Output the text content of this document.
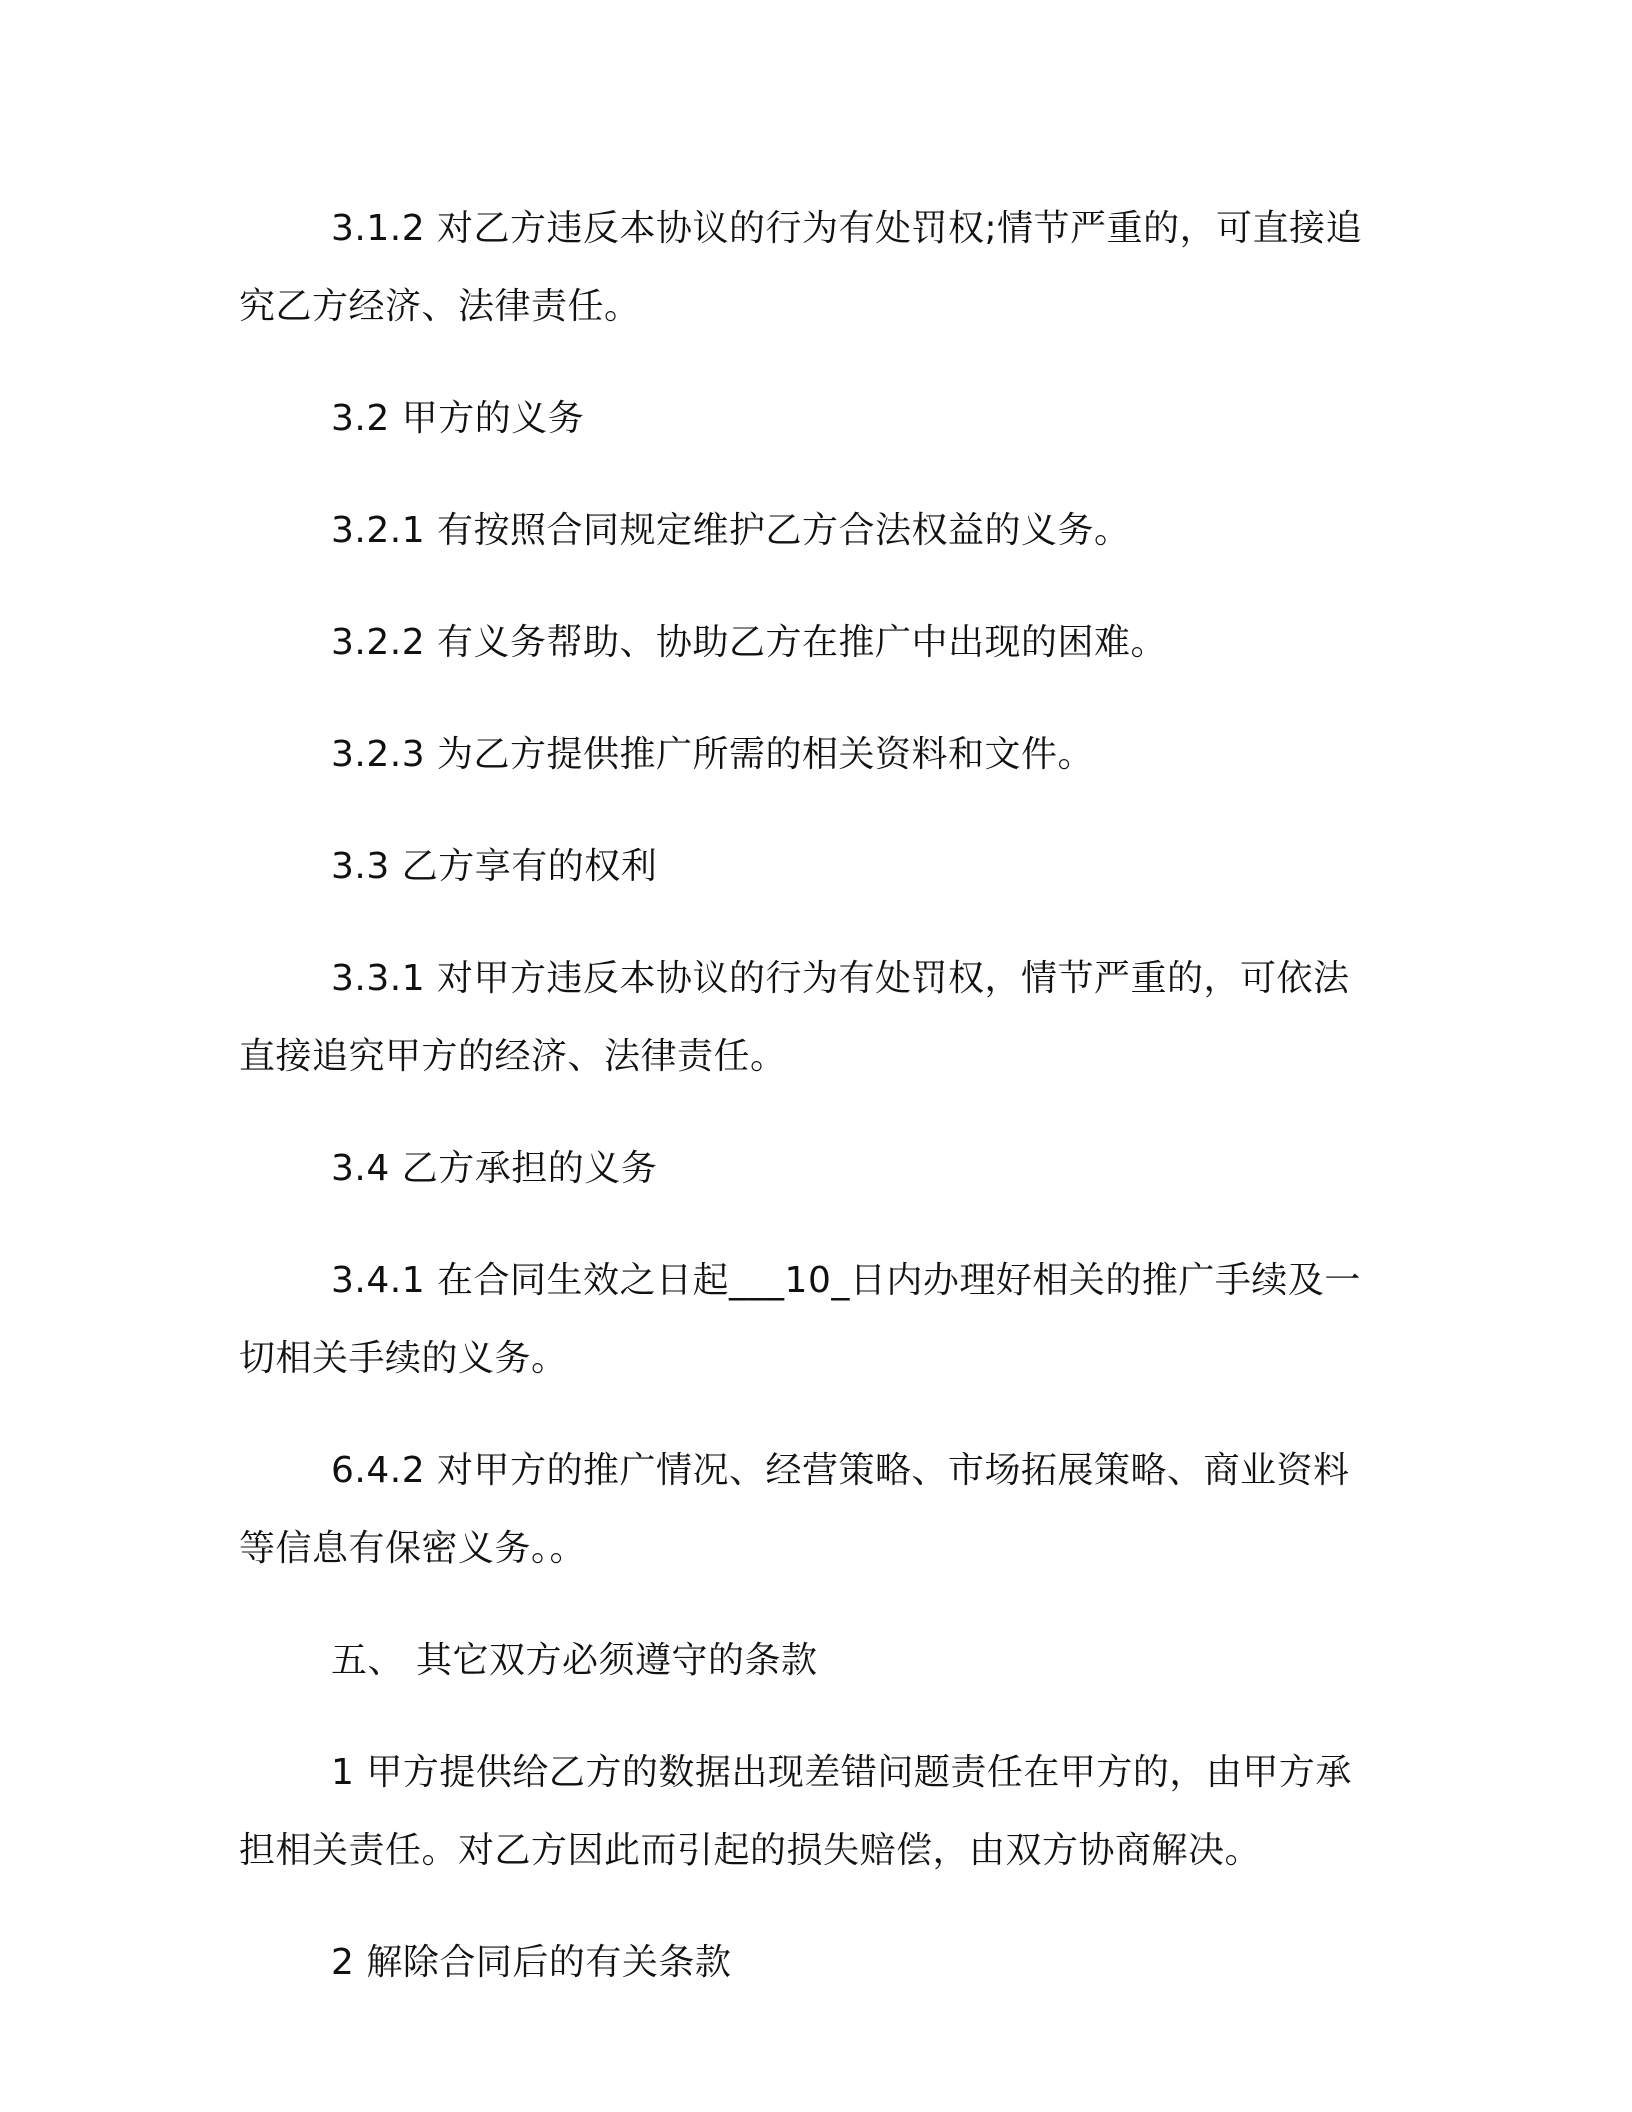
3.1.2 对乙方违反本协议的行为有处罚权;情节严重的，可直接追
究乙方经济、法律责任。

3.2 甲方的义务

3.2.1 有按照合同规定维护乙方合法权益的义务。

3.2.2 有义务帮助、协助乙方在推广中出现的困难。

3.2.3 为乙方提供推广所需的相关资料和文件。

3.3 乙方享有的权利

3.3.1 对甲方违反本协议的行为有处罚权，情节严重的，可依法
直接追究甲方的经济、法律责任。

3.4 乙方承担的义务

3.4.1 在合同生效之日起___10_日内办理好相关的推广手续及一
切相关手续的义务。

6.4.2 对甲方的推广情况、经营策略、市场拓展策略、商业资料
等信息有保密义务。。

五、 其它双方必须遵守的条款

1 甲方提供给乙方的数据出现差错问题责任在甲方的，由甲方承
担相关责任。对乙方因此而引起的损失赔偿，由双方协商解决。

2 解除合同后的有关条款
